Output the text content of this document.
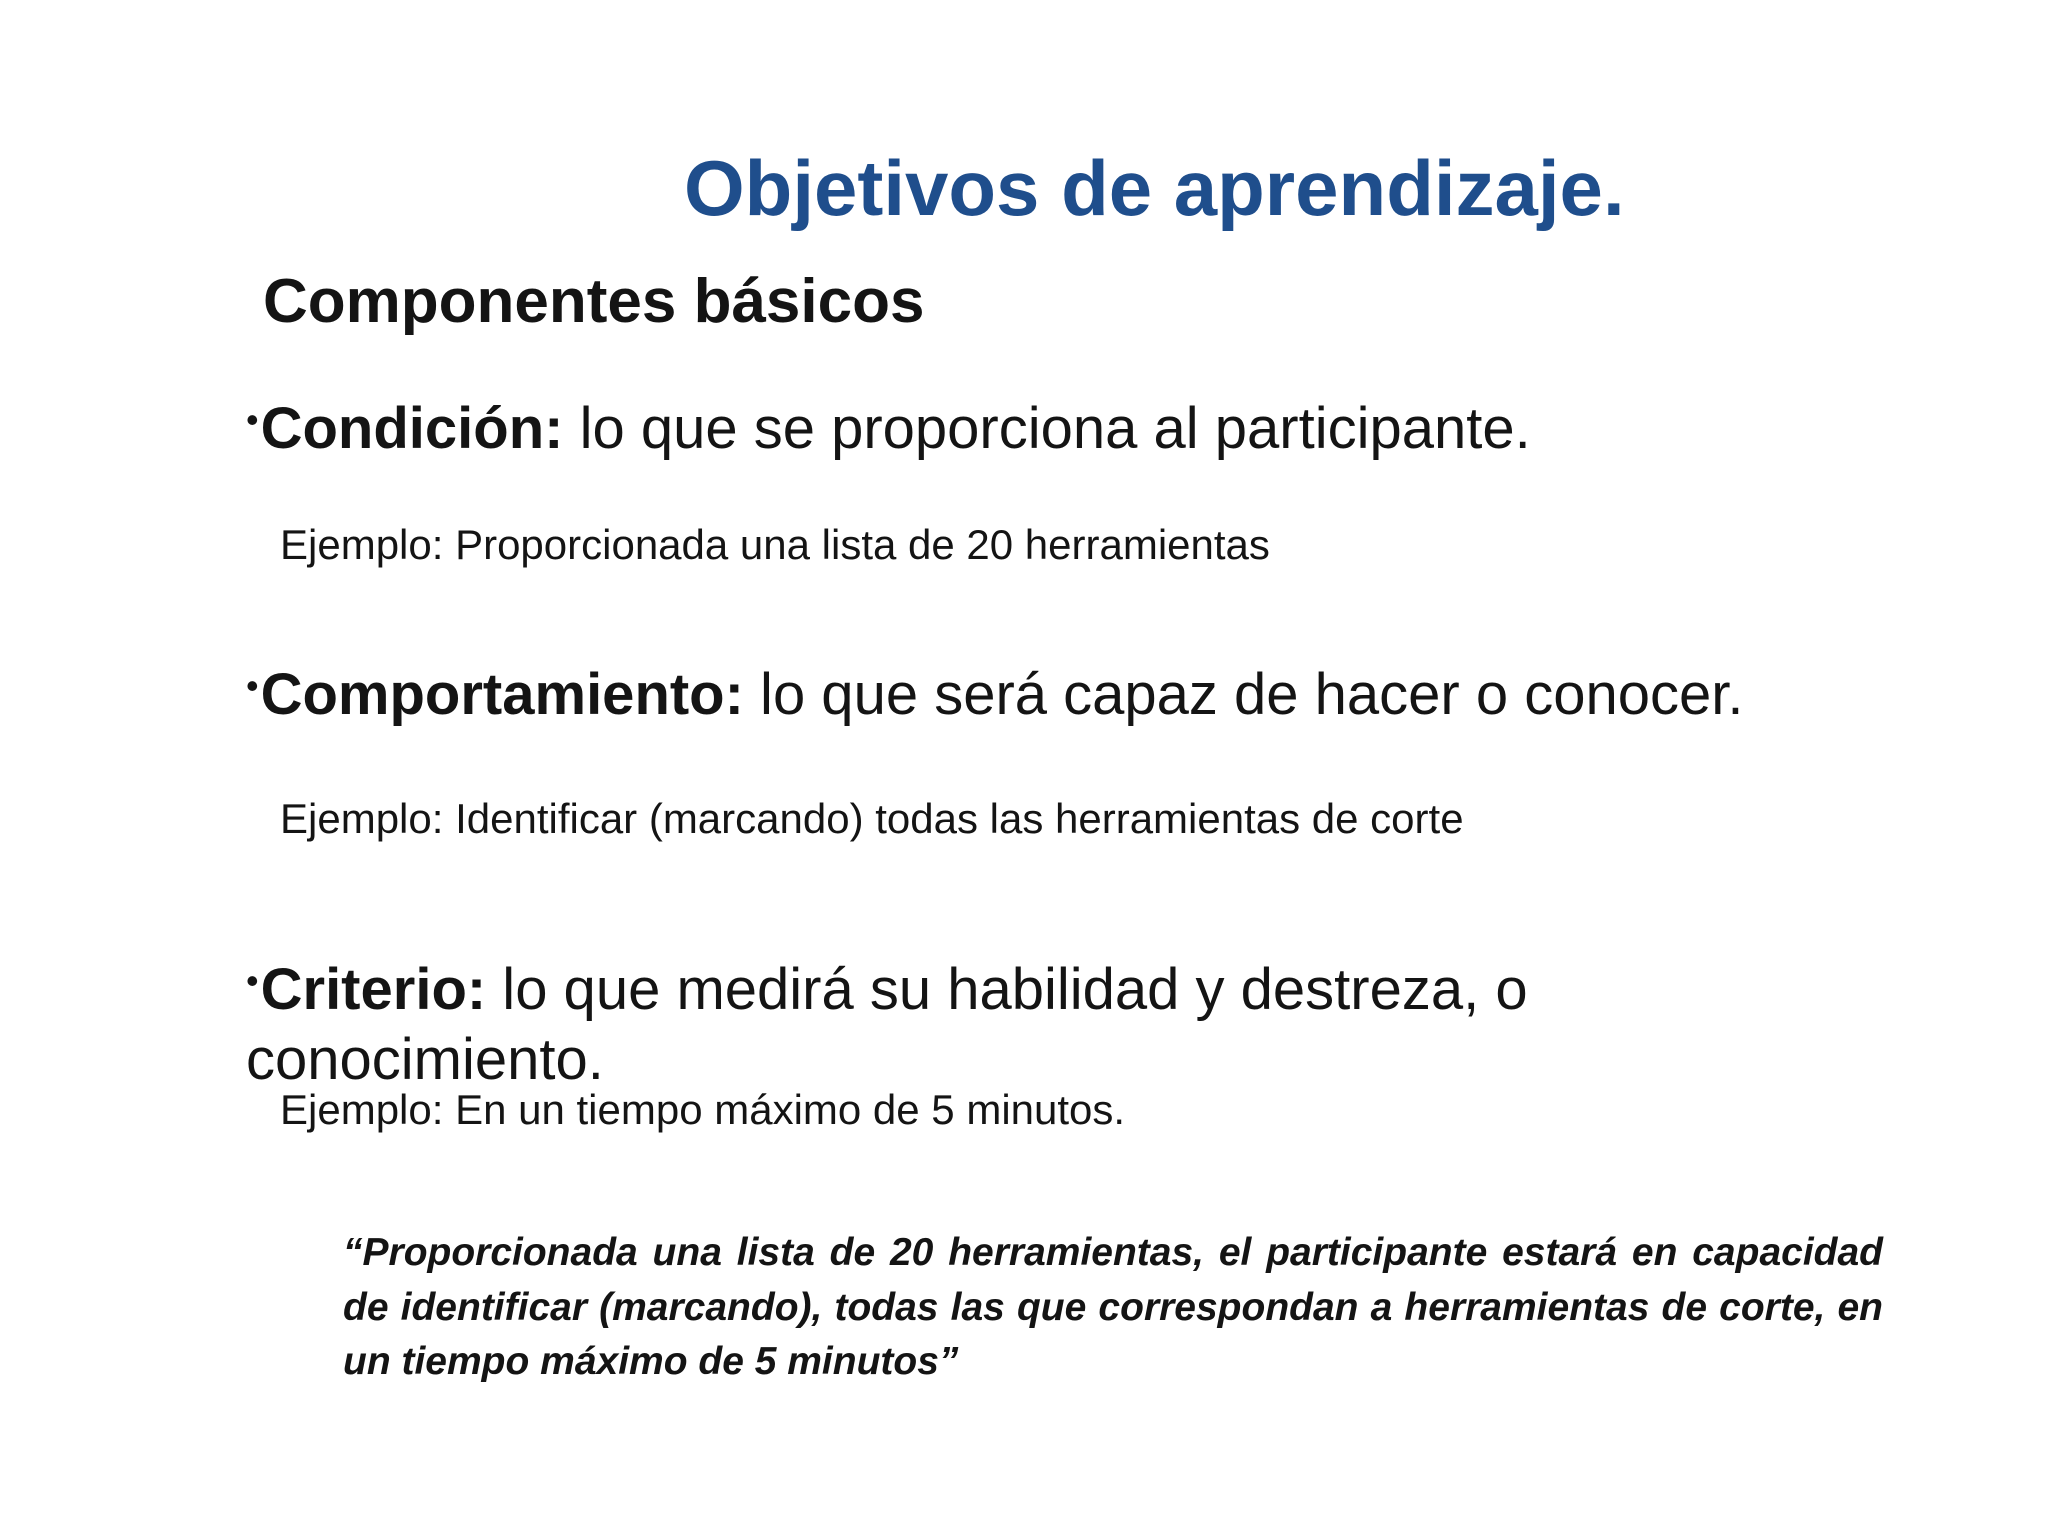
Objetivos de aprendizaje.
Componentes básicos
•Condición: lo que se proporciona al participante.
Ejemplo: Proporcionada una lista de 20 herramientas
•Comportamiento: lo que será capaz de hacer o conocer.
Ejemplo: Identificar (marcando) todas las herramientas de corte
•Criterio: lo que medirá su habilidad y destreza, o conocimiento.
Ejemplo: En un tiempo máximo de 5 minutos.
“Proporcionada una lista de 20 herramientas, el participante estará en capacidad de identificar (marcando), todas las que correspondan a herramientas de corte, en un tiempo máximo de 5 minutos”
